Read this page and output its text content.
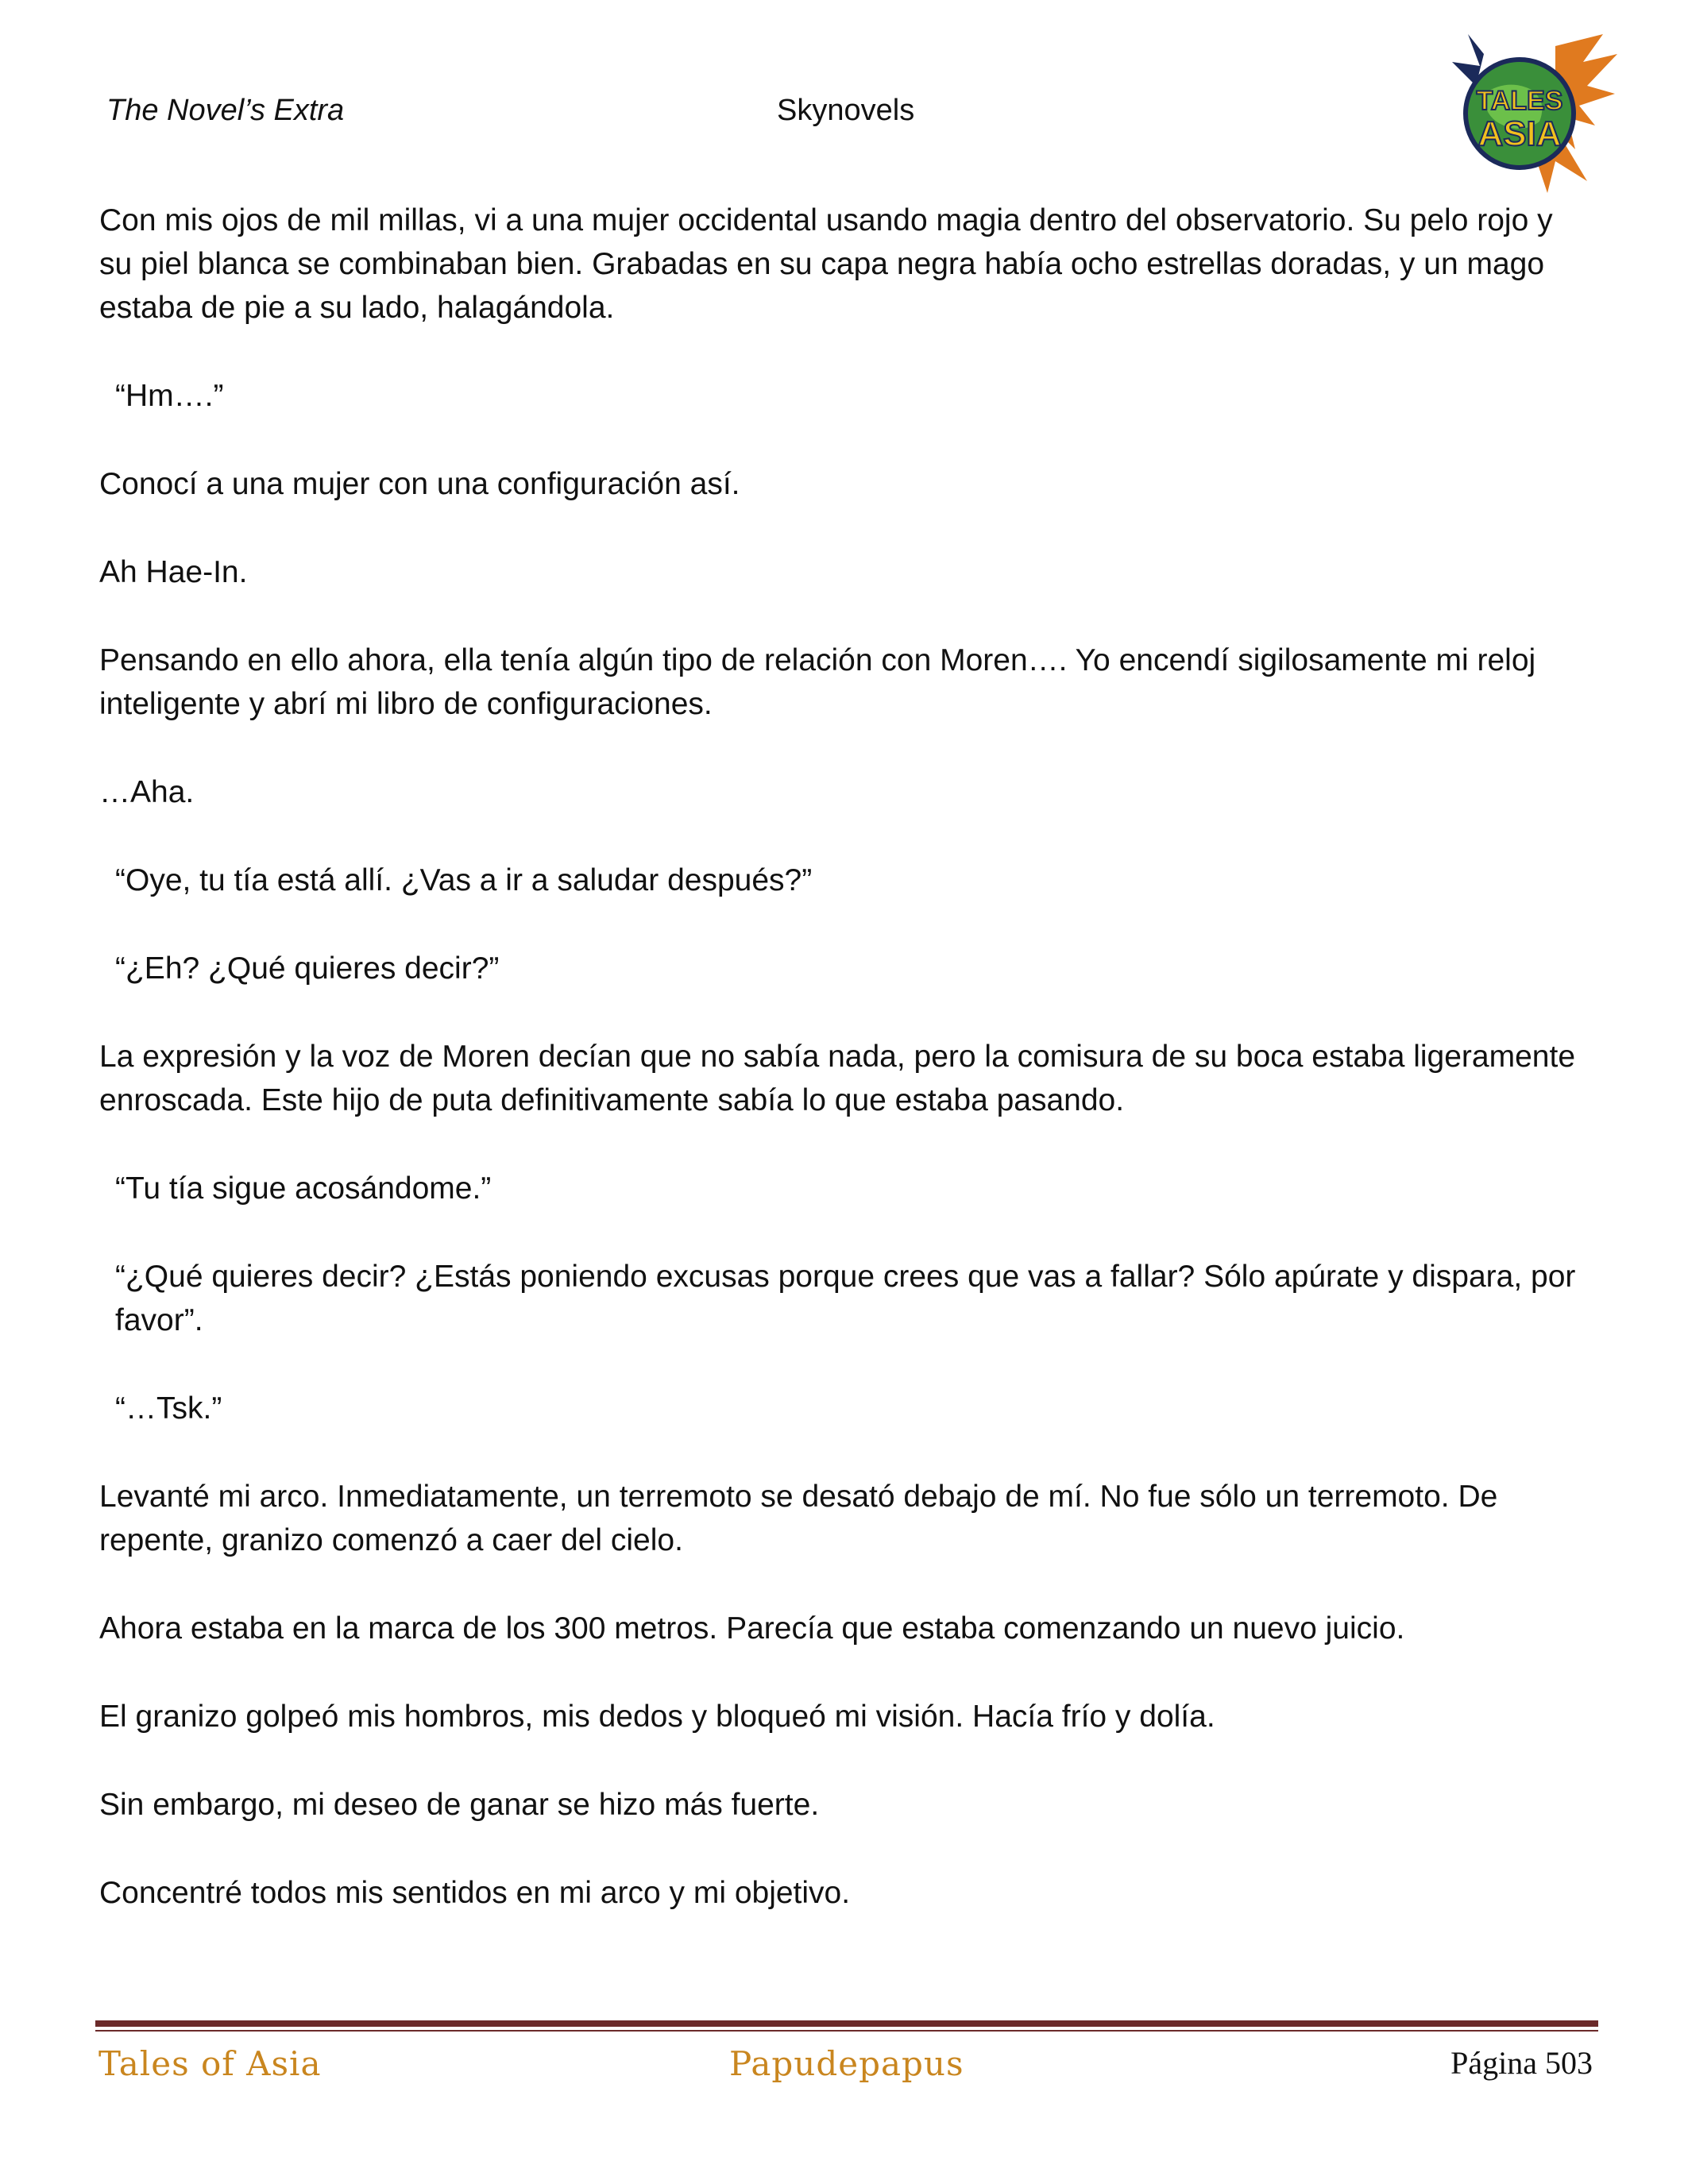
The Novel’s Extra	Skynovels	TALES
ASIA

Con mis ojos de mil millas, vi a una mujer occidental usando magia dentro del observatorio. Su pelo rojo y su piel blanca se combinaban bien. Grabadas en su capa negra había ocho estrellas doradas, y un mago estaba de pie a su lado, halagándola.

“Hm….”

Conocí a una mujer con una configuración así.

Ah Hae-In.

Pensando en ello ahora, ella tenía algún tipo de relación con Moren…. Yo encendí sigilosamente mi reloj inteligente y abrí mi libro de configuraciones.

…Aha.

“Oye, tu tía está allí. ¿Vas a ir a saludar después?”

“¿Eh? ¿Qué quieres decir?”

La expresión y la voz de Moren decían que no sabía nada, pero la comisura de su boca estaba ligeramente enroscada. Este hijo de puta definitivamente sabía lo que estaba pasando.

“Tu tía sigue acosándome.”

“¿Qué quieres decir? ¿Estás poniendo excusas porque crees que vas a fallar? Sólo apúrate y dispara, por favor”.

“…Tsk.”

Levanté mi arco. Inmediatamente, un terremoto se desató debajo de mí. No fue sólo un terremoto. De repente, granizo comenzó a caer del cielo.

Ahora estaba en la marca de los 300 metros. Parecía que estaba comenzando un nuevo juicio.

El granizo golpeó mis hombros, mis dedos y bloqueó mi visión. Hacía frío y dolía.

Sin embargo, mi deseo de ganar se hizo más fuerte.

Concentré todos mis sentidos en mi arco y mi objetivo.

Tales of Asia	Papudepapus	Página 503
